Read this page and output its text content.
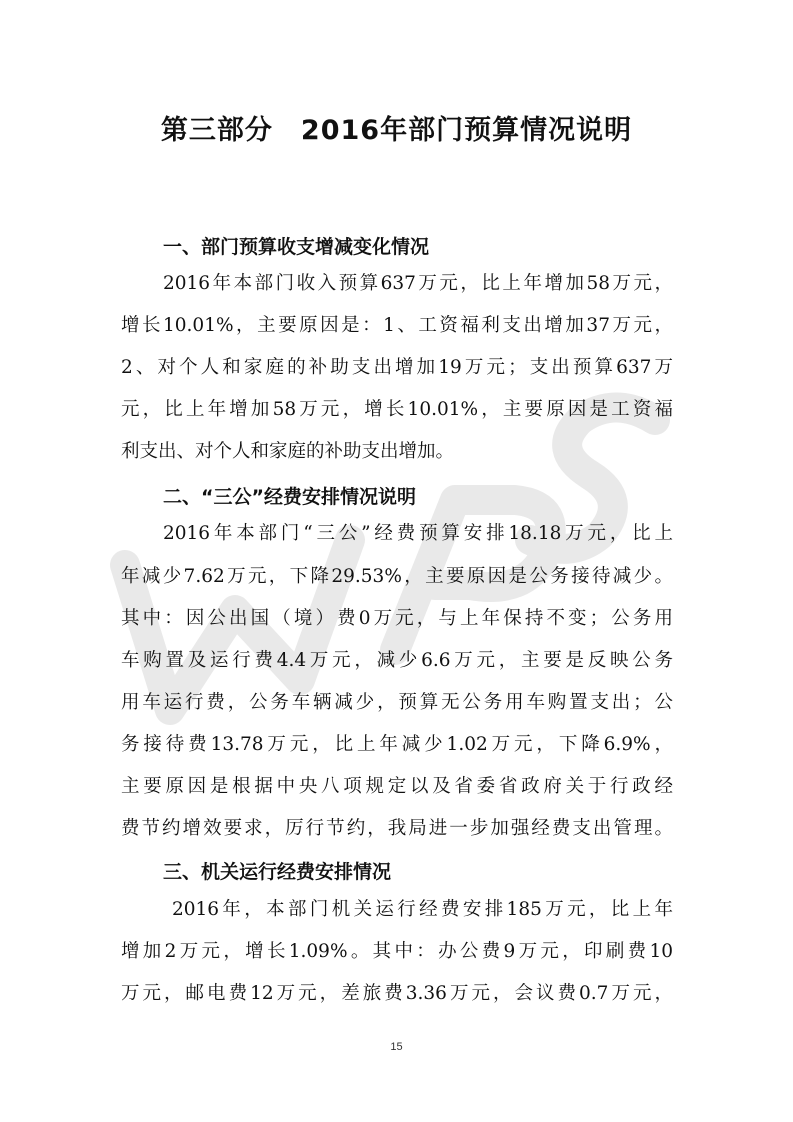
第三部分　2016年部门预算情况说明
一、部门预算收支增减变化情况
2016年本部门收入预算637万元，比上年增加58万元，
增长10.01%，主要原因是：1、工资福利支出增加37万元，
2、对个人和家庭的补助支出增加19万元；支出预算637万
元，比上年增加58万元，增长10.01%，主要原因是工资福
利支出、对个人和家庭的补助支出增加。
二、“三公”经费安排情况说明
2016年本部门“三公”经费预算安排18.18万元，比上
年减少7.62万元，下降29.53%，主要原因是公务接待减少。
其中：因公出国（境）费0万元，与上年保持不变；公务用
车购置及运行费4.4万元，减少6.6万元，主要是反映公务
用车运行费，公务车辆减少，预算无公务用车购置支出；公
务接待费13.78万元，比上年减少1.02万元，下降6.9%，
主要原因是根据中央八项规定以及省委省政府关于行政经
费节约增效要求，厉行节约，我局进一步加强经费支出管理。
三、机关运行经费安排情况
2016年，本部门机关运行经费安排185万元，比上年
增加2万元，增长1.09%。其中：办公费9万元，印刷费10
万元，邮电费12万元，差旅费3.36万元，会议费0.7万元，
15
